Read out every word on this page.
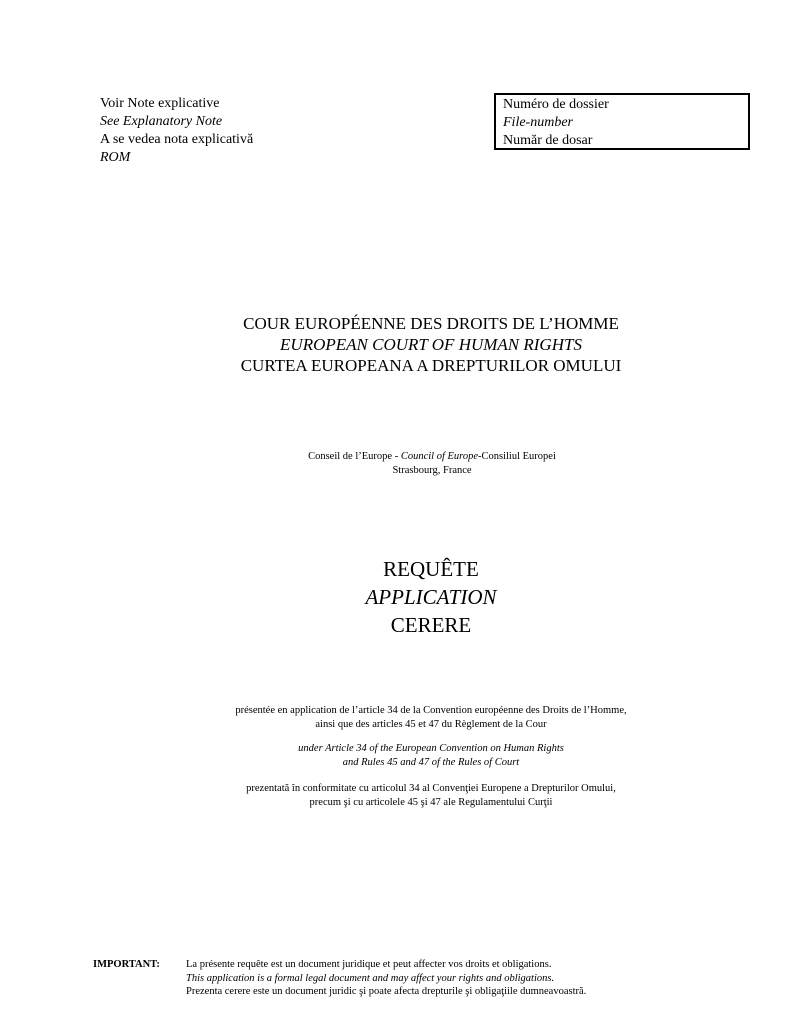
Voir Note explicative
See Explanatory Note
A se vedea nota explicativă
ROM
Numéro de dossier
File-number
Număr de dosar
COUR EUROPÉENNE DES DROITS DE L’HOMME
EUROPEAN COURT OF HUMAN RIGHTS
CURTEA EUROPEANA A DREPTURILOR OMULUI
Conseil de l’Europe - Council of Europe-Consiliul Europei
Strasbourg, France
REQUÊTE
APPLICATION
CERERE
présentée en application de l’article 34 de la Convention européenne des Droits de l’Homme,
ainsi que des articles 45 et 47 du Règlement de la Cour
under Article 34 of the European Convention on Human Rights
and Rules 45 and 47 of the Rules of Court
prezentată în conformitate cu articolul 34 al Convenţiei Europene a Drepturilor Omului,
precum şi cu articolele 45 şi 47 ale Regulamentului Curţii
IMPORTANT: La présente requête est un document juridique et peut affecter vos droits et obligations.
This application is a formal legal document and may affect your rights and obligations.
Prezenta cerere este un document juridic şi poate afecta drepturile şi obligaţiile dumneavoastră.
